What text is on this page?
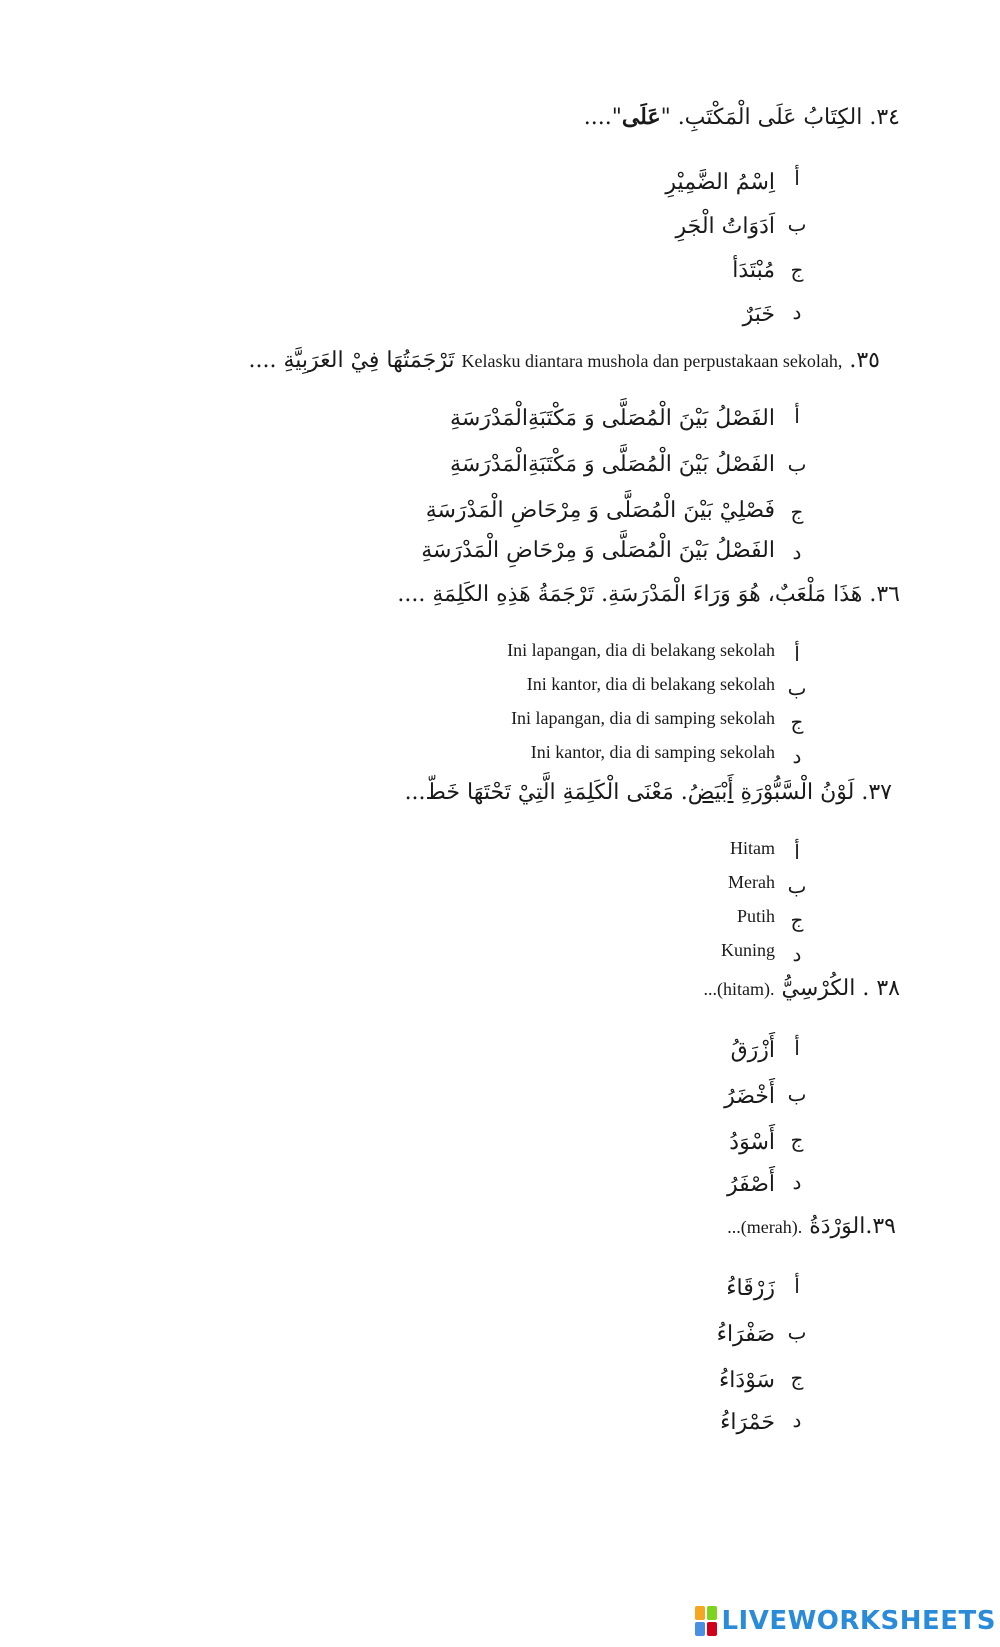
٣٤. الكِتَابُ عَلَى الْمَكْتَبِ. "عَلَى"....
أ
اِسْمُ الضَّمِيْرِ
ب
اَدَوَاتُ الْجَرِ
ج
مُبْتَدَأ
د
خَبَرٌ
٣٥. Kelasku diantara mushola dan perpustakaan sekolah, تَرْجَمَتُهَا فِيْ العَرَبِيَّةِ ....
أ
الفَصْلُ بَيْنَ الْمُصَلَّى وَ مَكْتَبَةِالْمَدْرَسَةِ
ب
الفَصْلُ بَيْنَ الْمُصَلَّى وَ مَكْتَبَةِالْمَدْرَسَةِ
ج
فَصْلِيْ بَيْنَ الْمُصَلَّى وَ مِرْحَاضِ الْمَدْرَسَةِ
د
الفَصْلُ بَيْنَ الْمُصَلَّى وَ مِرْحَاضِ الْمَدْرَسَةِ
٣٦. هَذَا مَلْعَبٌ، هُوَ وَرَاءَ الْمَدْرَسَةِ. تَرْجَمَةُ هَذِهِ الكَلِمَةِ ....
أ
Ini lapangan, dia di belakang sekolah
ب
Ini kantor, dia di belakang sekolah
ج
Ini lapangan, dia di samping sekolah
د
Ini kantor, dia di samping sekolah
٣٧. لَوْنُ الْسَّبُّوْرَةِ أَبْيَضُ. مَعْنَى الْكَلِمَةِ الَّتِيْ تَحْتَهَا خَطّ...
أ
Hitam
ب
Merah
ج
Putih
د
Kuning
٣٨ . الكُرْسِيُّ ...(hitam).
أ
أَزْرَقُ
ب
أَخْضَرُ
ج
أَسْوَدُ
د
أَصْفَرُ
٣٩.الوَرْدَةُ ...(merah).
أ
زَرْقَاءُ
ب
صَفْرَاءُ
ج
سَوْدَاءُ
د
حَمْرَاءُ
LIVEWORKSHEETS
